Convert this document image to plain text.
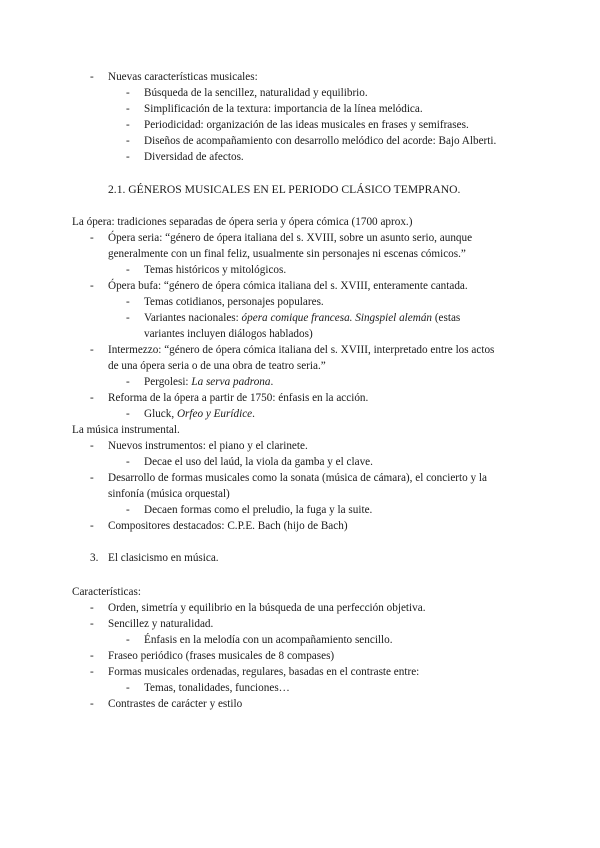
- Nuevas características musicales:
- Búsqueda de la sencillez, naturalidad y equilibrio.
- Simplificación de la textura: importancia de la línea melódica.
- Periodicidad: organización de las ideas musicales en frases y semifrases.
- Diseños de acompañamiento con desarrollo melódico del acorde: Bajo Alberti.
- Diversidad de afectos.
2.1. GÉNEROS MUSICALES EN EL PERIODO CLÁSICO TEMPRANO.
La ópera: tradiciones separadas de ópera seria y ópera cómica (1700 aprox.)
- Ópera seria: “género de ópera italiana del s. XVIII, sobre un asunto serio, aunque
generalmente con un final feliz, usualmente sin personajes ni escenas cómicos.”
- Temas históricos y mitológicos.
- Ópera bufa: “género de ópera cómica italiana del s. XVIII, enteramente cantada.
- Temas cotidianos, personajes populares.
- Variantes nacionales: ópera comique francesa. Singspiel alemán (estas
variantes incluyen diálogos hablados)
- Intermezzo: “género de ópera cómica italiana del s. XVIII, interpretado entre los actos
de una ópera seria o de una obra de teatro seria.”
- Pergolesi: La serva padrona.
- Reforma de la ópera a partir de 1750: énfasis en la acción.
- Gluck, Orfeo y Eurídice.
La música instrumental.
- Nuevos instrumentos: el piano y el clarinete.
- Decae el uso del laúd, la viola da gamba y el clave.
- Desarrollo de formas musicales como la sonata (música de cámara), el concierto y la
sinfonía (música orquestal)
- Decaen formas como el preludio, la fuga y la suite.
- Compositores destacados: C.P.E. Bach (hijo de Bach)
3. El clasicismo en música.
Características:
- Orden, simetría y equilibrio en la búsqueda de una perfección objetiva.
- Sencillez y naturalidad.
- Énfasis en la melodía con un acompañamiento sencillo.
- Fraseo periódico (frases musicales de 8 compases)
- Formas musicales ordenadas, regulares, basadas en el contraste entre:
- Temas, tonalidades, funciones…
- Contrastes de carácter y estilo
